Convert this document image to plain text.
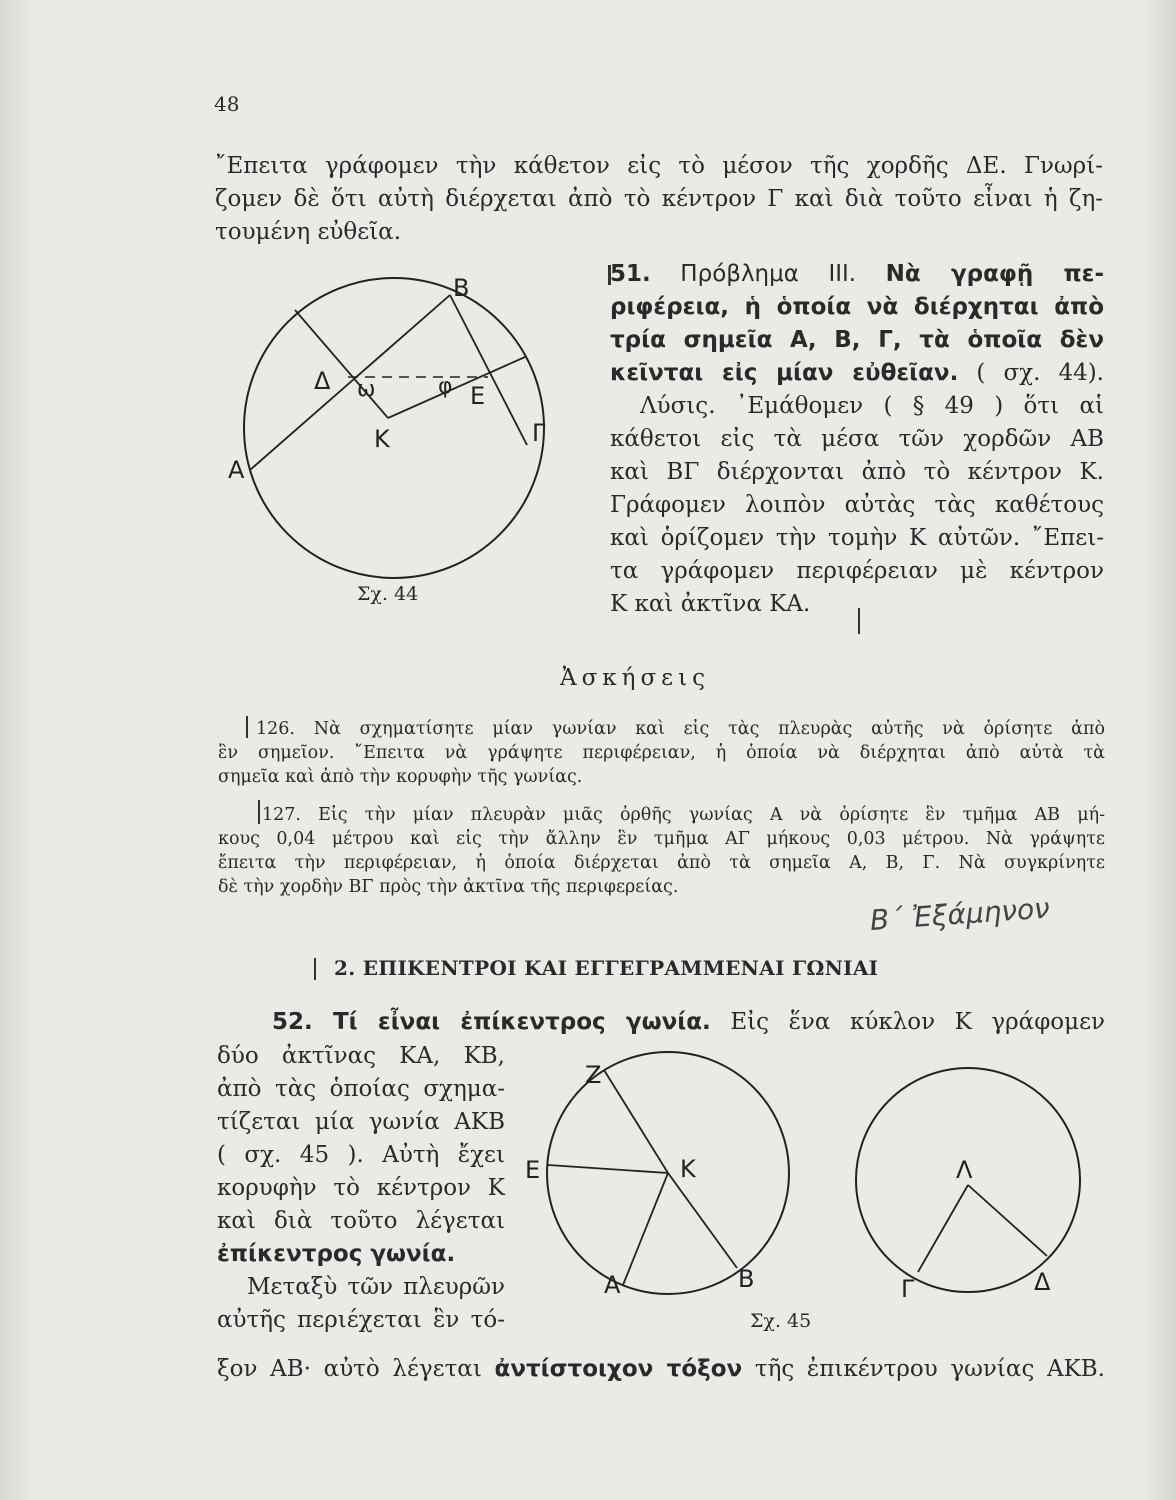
48
῎Επειτα γράφομεν τὴν κάθετον εἰς τὸ μέσον τῆς χορδῆς ΔΕ. Γνωρί-
ζομεν δὲ ὅτι αὐτὴ διέρχεται ἀπὸ τὸ κέντρον Γ καὶ διὰ τοῦτο εἶναι ἡ ζη-
τουμένη εὐθεῖα.
Β
Δ ω	φ Ε
Κ	Γ
Α
Σχ. 44
51. Πρόβλημα ΙΙΙ. Νὰ γραφῇ πε-
ριφέρεια, ἡ ὁποία νὰ διέρχηται ἀπὸ
τρία σημεῖα Α, Β, Γ, τὰ ὁποῖα δὲν
κεῖνται εἰς μίαν εὐθεῖαν. ( σχ. 44).
Λύσις. ᾿Εμάθομεν ( § 49 ) ὅτι αἱ
κάθετοι εἰς τὰ μέσα τῶν χορδῶν ΑΒ
καὶ ΒΓ διέρχονται ἀπὸ τὸ κέντρον Κ.
Γράφομεν λοιπὸν αὐτὰς τὰς καθέτους
καὶ ὁρίζομεν τὴν τομὴν Κ αὐτῶν. ῎Επει-
τα γράφομεν περιφέρειαν μὲ κέντρον
Κ καὶ ἀκτῖνα ΚΑ.
Ἀσκήσεις
126. Νὰ σχηματίσητε μίαν γωνίαν καὶ εἰς τὰς πλευρὰς αὐτῆς νὰ ὁρίσητε ἀπὸ
ἓν σημεῖον. ῎Επειτα νὰ γράψητε περιφέρειαν, ἡ ὁποία νὰ διέρχηται ἀπὸ αὐτὰ τὰ
σημεῖα καὶ ἀπὸ τὴν κορυφὴν τῆς γωνίας.
127. Εἰς τὴν μίαν πλευρὰν μιᾶς ὀρθῆς γωνίας Α νὰ ὁρίσητε ἓν τμῆμα ΑΒ μή-
κους 0,04 μέτρου καὶ εἰς τὴν ἄλλην ἓν τμῆμα ΑΓ μήκους 0,03 μέτρου. Νὰ γράψητε
ἔπειτα τὴν περιφέρειαν, ἡ ὁποία διέρχεται ἀπὸ τὰ σημεῖα Α, Β, Γ. Νὰ συγκρίνητε
δὲ τὴν χορδὴν ΒΓ πρὸς τὴν ἀκτῖνα τῆς περιφερείας.
Β΄ Ἐξάμηνον
2. ΕΠΙΚΕΝΤΡΟΙ ΚΑΙ ΕΓΓΕΓΡΑΜΜΕΝΑΙ ΓΩΝΙΑΙ
52. Τί εἶναι ἐπίκεντρος γωνία. Εἰς ἕνα κύκλον Κ γράφομεν
δύο ἀκτῖνας ΚΑ, ΚΒ,
ἀπὸ τὰς ὁποίας σχημα-
τίζεται μία γωνία ΑΚΒ
( σχ. 45 ). Αὐτὴ ἔχει
κορυφὴν τὸ κέντρον Κ
καὶ διὰ τοῦτο λέγεται
ἐπίκεντρος γωνία.
Μεταξὺ τῶν πλευρῶν
αὐτῆς περιέχεται ἓν τό-
ξον ΑΒ· αὐτὸ λέγεται ἀντίστοιχον τόξον τῆς ἐπικέντρου γωνίας ΑΚΒ.
Ζ
Ε	Κ
Α	Β
Λ
Γ	Δ
Σχ. 45
